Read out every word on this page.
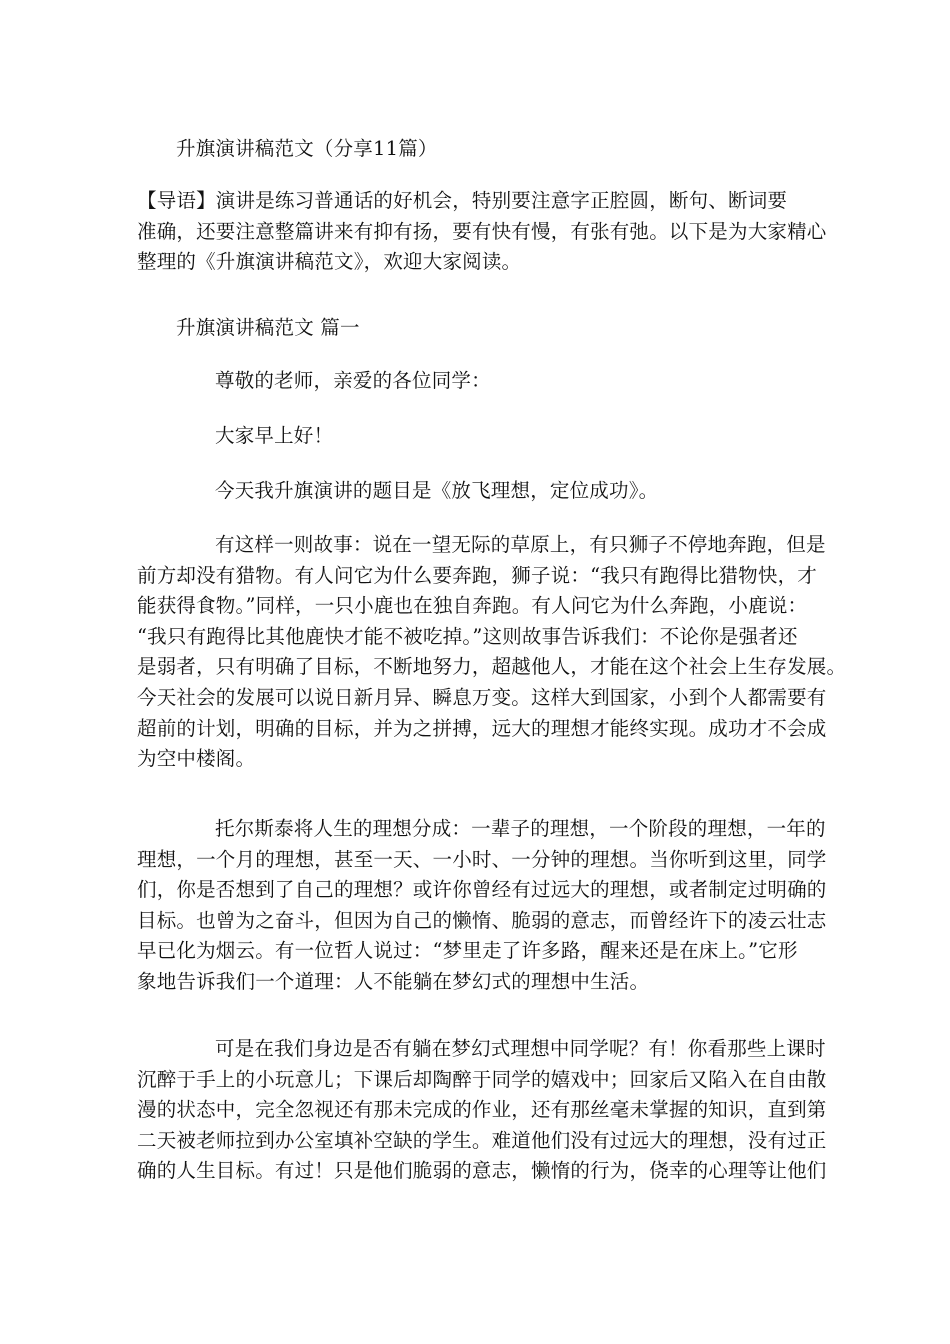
升旗演讲稿范文（分享11篇）
【导语】演讲是练习普通话的好机会，特别要注意字正腔圆，断句、断词要
准确，还要注意整篇讲来有抑有扬，要有快有慢，有张有弛。以下是为大家精心
整理的《升旗演讲稿范文》，欢迎大家阅读。
升旗演讲稿范文 篇一
尊敬的老师，亲爱的各位同学：
大家早上好！
今天我升旗演讲的题目是《放飞理想，定位成功》。
有这样一则故事：说在一望无际的草原上，有只狮子不停地奔跑，但是
前方却没有猎物。有人问它为什么要奔跑，狮子说：“我只有跑得比猎物快，才
能获得食物。”同样，一只小鹿也在独自奔跑。有人问它为什么奔跑，小鹿说：
“我只有跑得比其他鹿快才能不被吃掉。”这则故事告诉我们：不论你是强者还
是弱者，只有明确了目标，不断地努力，超越他人，才能在这个社会上生存发展。
今天社会的发展可以说日新月异、瞬息万变。这样大到国家，小到个人都需要有
超前的计划，明确的目标，并为之拼搏，远大的理想才能终实现。成功才不会成
为空中楼阁。
托尔斯泰将人生的理想分成：一辈子的理想，一个阶段的理想，一年的
理想，一个月的理想，甚至一天、一小时、一分钟的理想。当你听到这里，同学
们，你是否想到了自己的理想？或许你曾经有过远大的理想，或者制定过明确的
目标。也曾为之奋斗，但因为自己的懒惰、脆弱的意志，而曾经许下的凌云壮志
早已化为烟云。有一位哲人说过：“梦里走了许多路，醒来还是在床上。”它形
象地告诉我们一个道理：人不能躺在梦幻式的理想中生活。
可是在我们身边是否有躺在梦幻式理想中同学呢？有！你看那些上课时
沉醉于手上的小玩意儿；下课后却陶醉于同学的嬉戏中；回家后又陷入在自由散
漫的状态中，完全忽视还有那未完成的作业，还有那丝毫未掌握的知识，直到第
二天被老师拉到办公室填补空缺的学生。难道他们没有过远大的理想，没有过正
确的人生目标。有过！只是他们脆弱的意志，懒惰的行为，侥幸的心理等让他们
